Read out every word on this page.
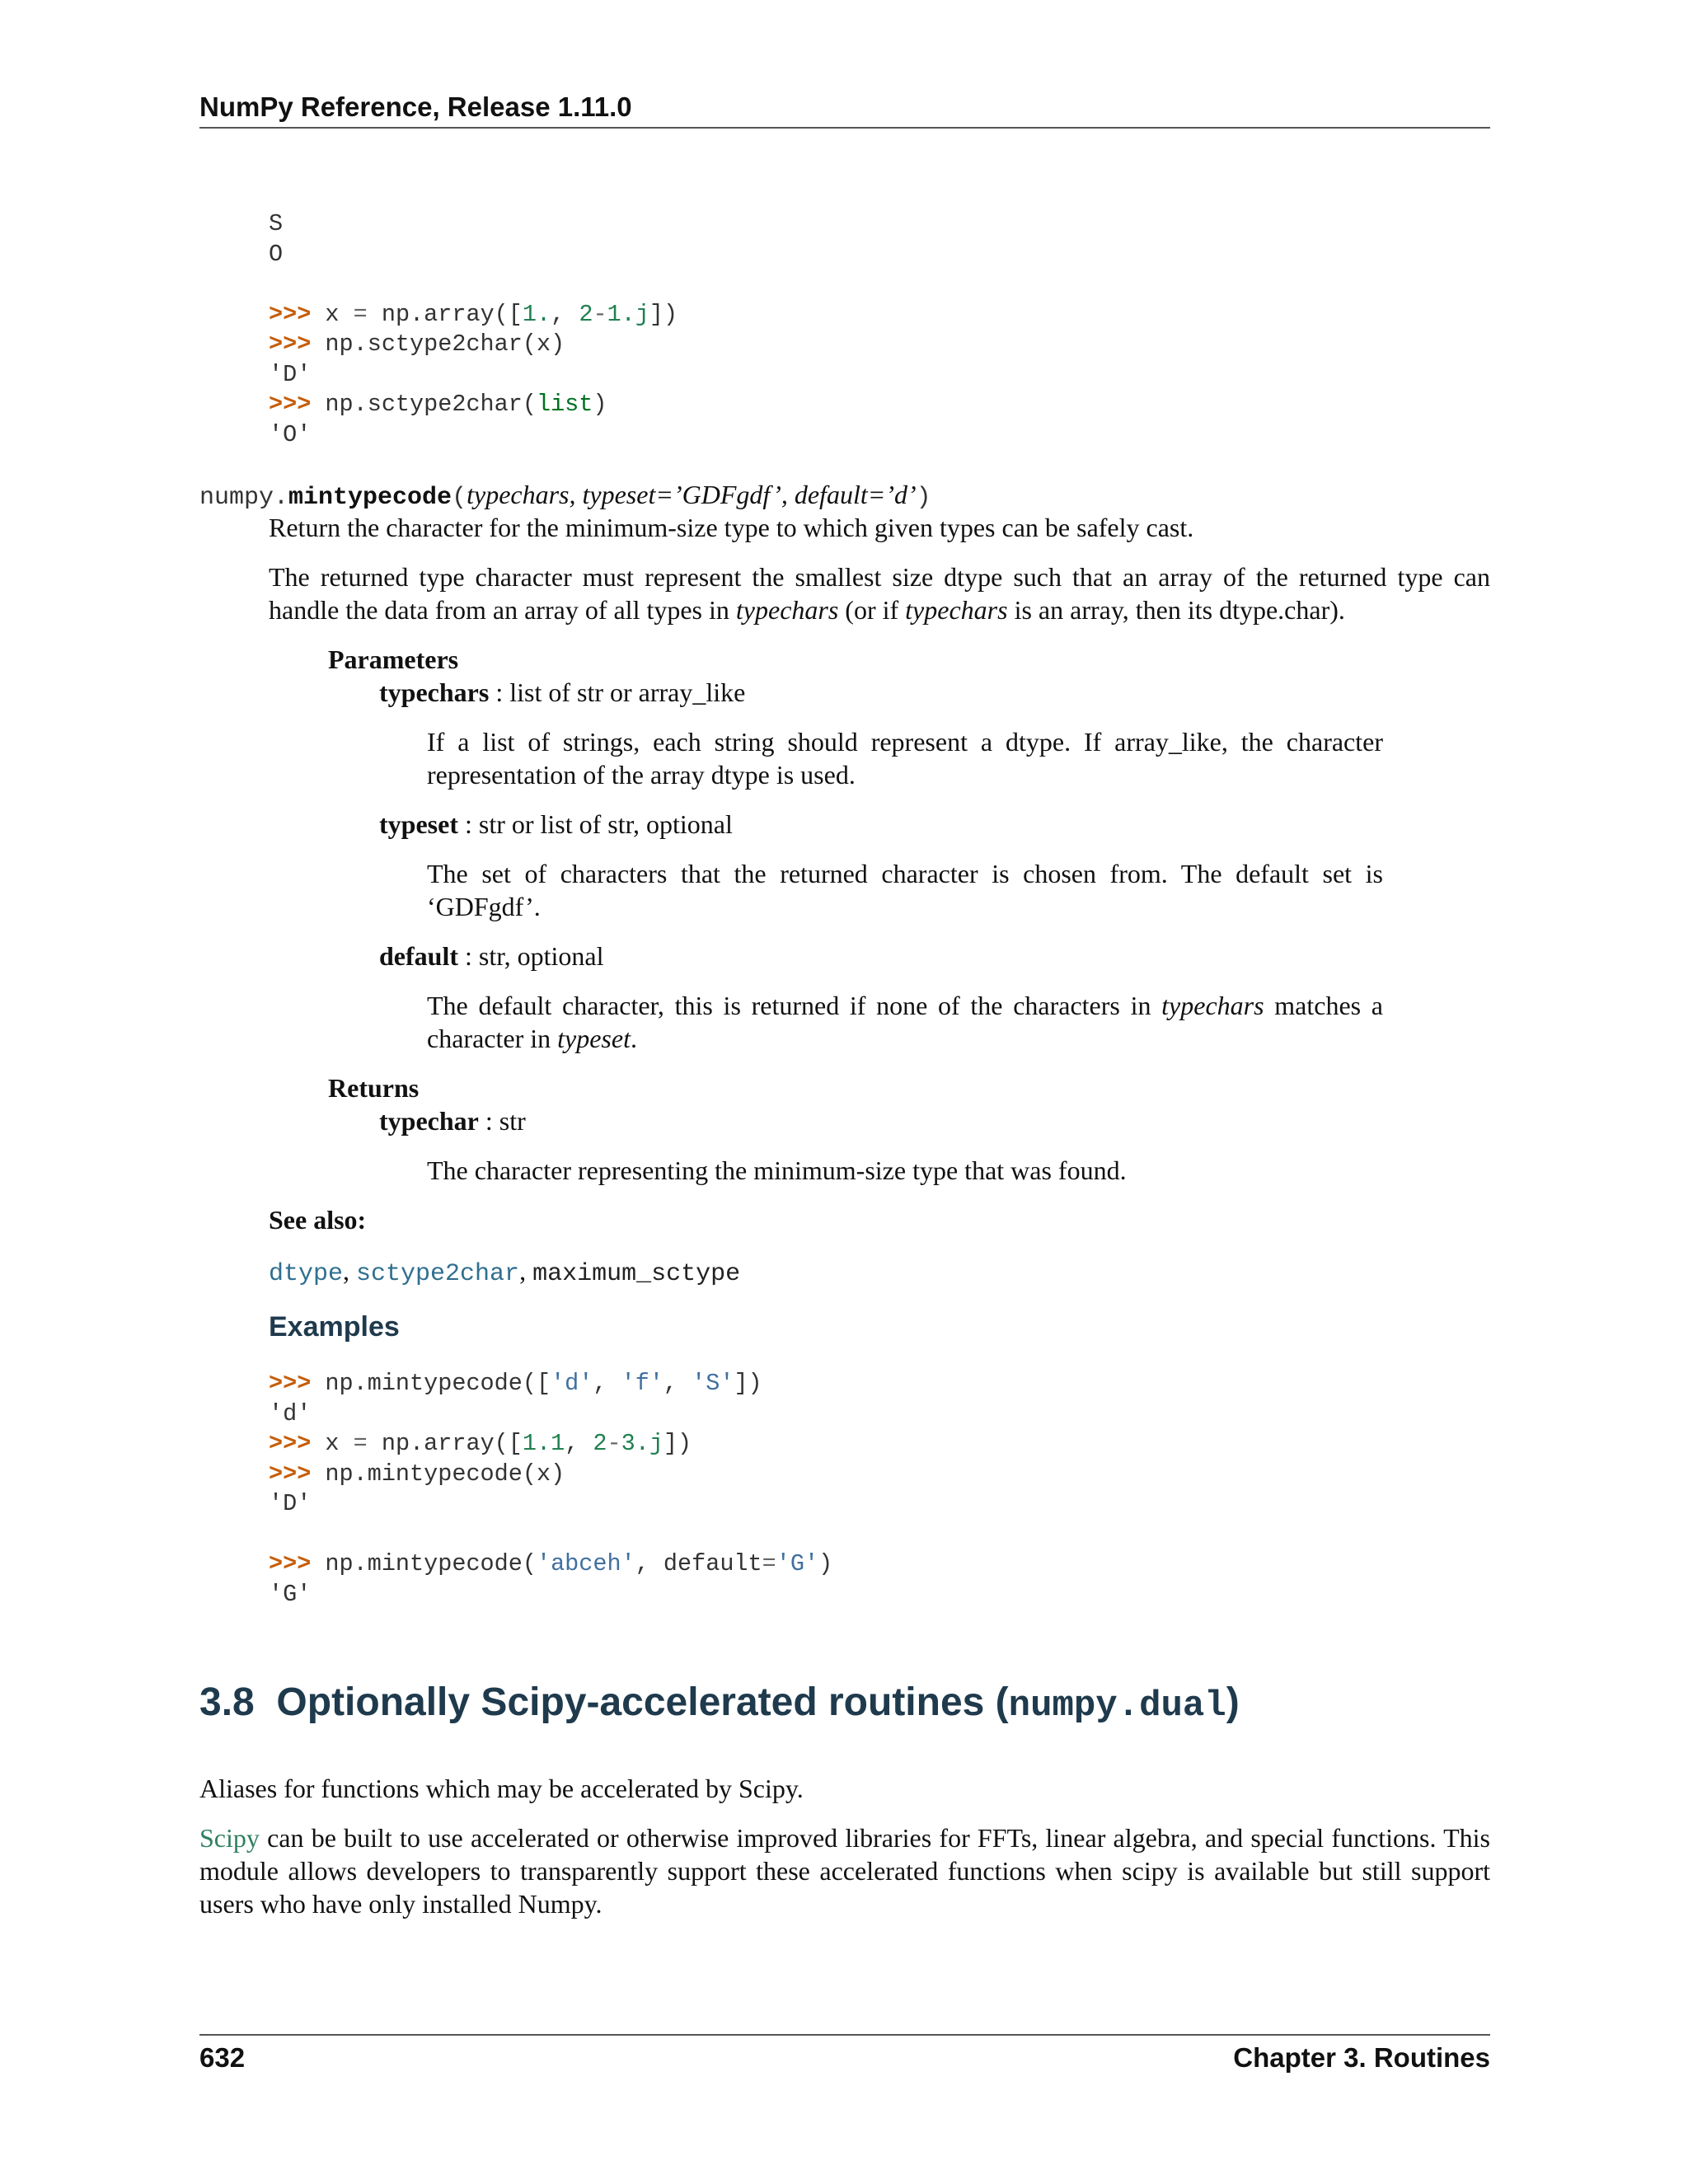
NumPy Reference, Release 1.11.0
S
O

>>> x = np.array([1., 2-1.j])
>>> np.sctype2char(x)
'D'
>>> np.sctype2char(list)
'O'
numpy.mintypecode(typechars, typeset=’GDFgdf’, default=’d’)
Return the character for the minimum-size type to which given types can be safely cast.
The returned type character must represent the smallest size dtype such that an array of the returned type can handle the data from an array of all types in typechars (or if typechars is an array, then its dtype.char).
Parameters
typechars : list of str or array_like
If a list of strings, each string should represent a dtype. If array_like, the character representation of the array dtype is used.
typeset : str or list of str, optional
The set of characters that the returned character is chosen from. The default set is ‘GDFgdf’.
default : str, optional
The default character, this is returned if none of the characters in typechars matches a character in typeset.
Returns
typechar : str
The character representing the minimum-size type that was found.
See also:
dtype, sctype2char, maximum_sctype
Examples
>>> np.mintypecode(['d', 'f', 'S'])
'd'
>>> x = np.array([1.1, 2-3.j])
>>> np.mintypecode(x)
'D'

>>> np.mintypecode('abceh', default='G')
'G'
3.8 Optionally Scipy-accelerated routines (numpy.dual)
Aliases for functions which may be accelerated by Scipy.
Scipy can be built to use accelerated or otherwise improved libraries for FFTs, linear algebra, and special functions. This module allows developers to transparently support these accelerated functions when scipy is available but still support users who have only installed Numpy.
632	Chapter 3. Routines
